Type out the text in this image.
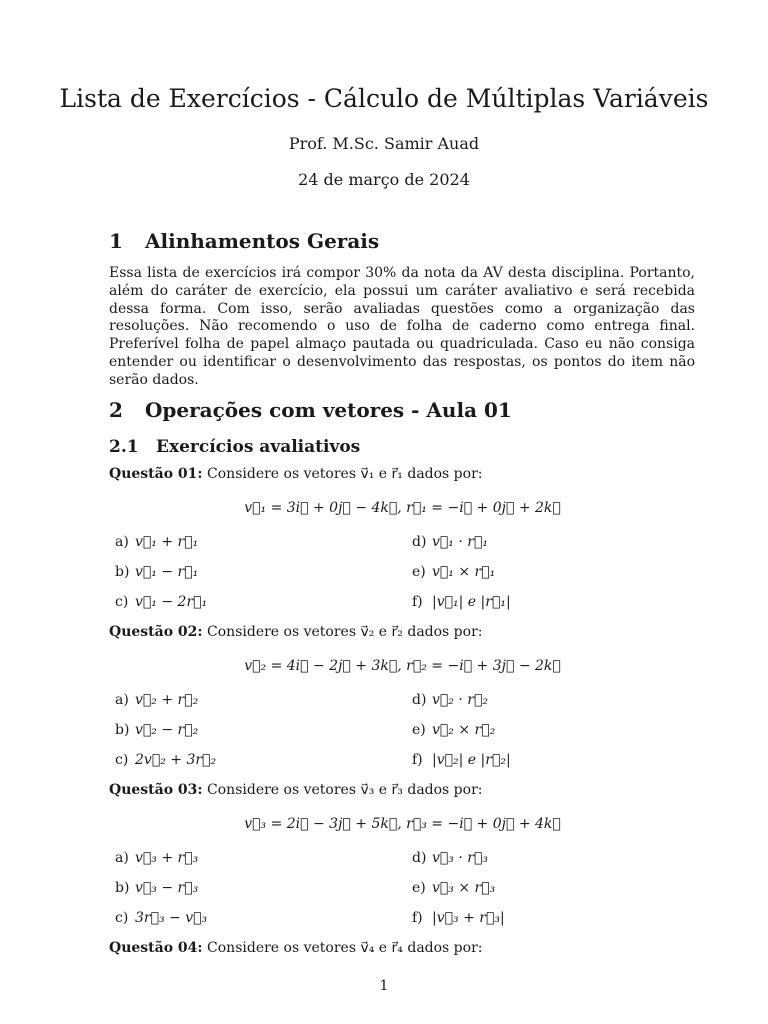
Lista de Exercícios - Cálculo de Múltiplas Variáveis
Prof. M.Sc. Samir Auad
24 de março de 2024
1 Alinhamentos Gerais
Essa lista de exercícios irá compor 30% da nota da AV desta disciplina. Portanto, além do caráter de exercício, ela possui um caráter avaliativo e será recebida dessa forma. Com isso, serão avaliadas questões como a organização das resoluções. Não recomendo o uso de folha de caderno como entrega final. Preferível folha de papel almaço pautada ou quadriculada. Caso eu não consiga entender ou identificar o desenvolvimento das respostas, os pontos do item não serão dados.
2 Operações com vetores - Aula 01
2.1 Exercícios avaliativos
Questão 01: Considere os vetores v⃗₁ e r⃗₁ dados por:
v⃗₁ = 3i⃗ + 0j⃗ − 4k⃗, r⃗₁ = −i⃗ + 0j⃗ + 2k⃗
a) v⃗₁ + r⃗₁
b) v⃗₁ − r⃗₁
c) v⃗₁ − 2r⃗₁
d) v⃗₁ · r⃗₁
e) v⃗₁ × r⃗₁
f) |v⃗₁| e |r⃗₁|
Questão 02: Considere os vetores v⃗₂ e r⃗₂ dados por:
v⃗₂ = 4i⃗ − 2j⃗ + 3k⃗, r⃗₂ = −i⃗ + 3j⃗ − 2k⃗
a) v⃗₂ + r⃗₂
b) v⃗₂ − r⃗₂
c) 2v⃗₂ + 3r⃗₂
d) v⃗₂ · r⃗₂
e) v⃗₂ × r⃗₂
f) |v⃗₂| e |r⃗₂|
Questão 03: Considere os vetores v⃗₃ e r⃗₃ dados por:
v⃗₃ = 2i⃗ − 3j⃗ + 5k⃗, r⃗₃ = −i⃗ + 0j⃗ + 4k⃗
a) v⃗₃ + r⃗₃
b) v⃗₃ − r⃗₃
c) 3r⃗₃ − v⃗₃
d) v⃗₃ · r⃗₃
e) v⃗₃ × r⃗₃
f) |v⃗₃ + r⃗₃|
Questão 04: Considere os vetores v⃗₄ e r⃗₄ dados por:
1
